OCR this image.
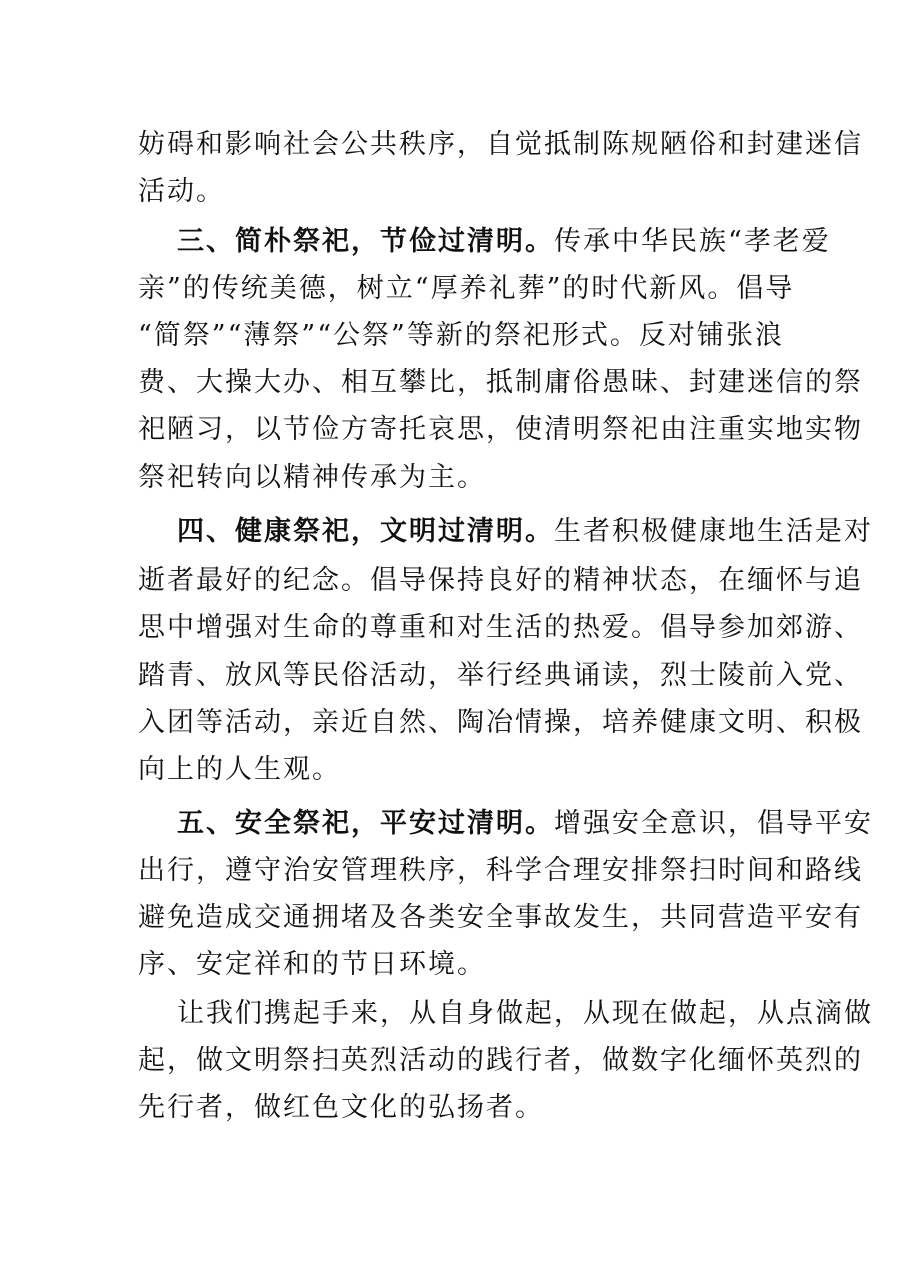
妨碍和影响社会公共秩序，自觉抵制陈规陋俗和封建迷信
活动。
三、简朴祭祀，节俭过清明。传承中华民族“孝老爱
亲”的传统美德，树立“厚养礼葬”的时代新风。倡导
“简祭”“薄祭”“公祭”等新的祭祀形式。反对铺张浪
费、大操大办、相互攀比，抵制庸俗愚昧、封建迷信的祭
祀陋习，以节俭方寄托哀思，使清明祭祀由注重实地实物
祭祀转向以精神传承为主。
四、健康祭祀，文明过清明。生者积极健康地生活是对
逝者最好的纪念。倡导保持良好的精神状态，在缅怀与追
思中增强对生命的尊重和对生活的热爱。倡导参加郊游、
踏青、放风等民俗活动，举行经典诵读，烈士陵前入党、
入团等活动，亲近自然、陶冶情操，培养健康文明、积极
向上的人生观。
五、安全祭祀，平安过清明。增强安全意识，倡导平安
出行，遵守治安管理秩序，科学合理安排祭扫时间和路线
避免造成交通拥堵及各类安全事故发生，共同营造平安有
序、安定祥和的节日环境。
让我们携起手来，从自身做起，从现在做起，从点滴做
起，做文明祭扫英烈活动的践行者，做数字化缅怀英烈的
先行者，做红色文化的弘扬者。
